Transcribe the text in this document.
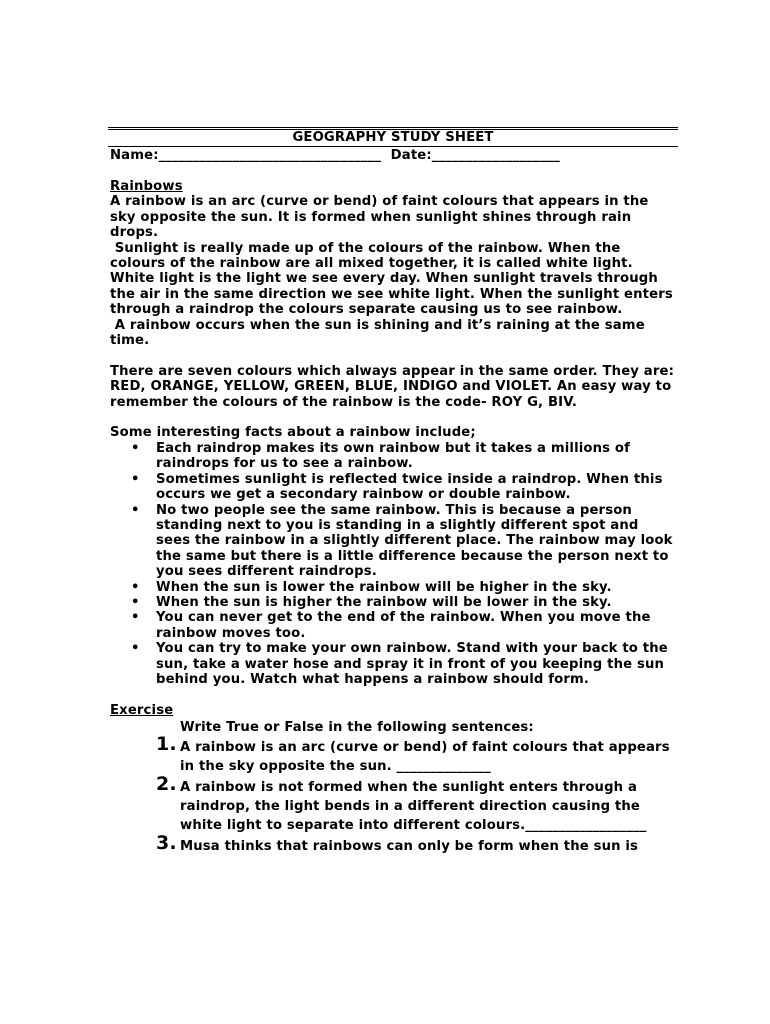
GEOGRAPHY STUDY SHEET
Name:_________________________________  Date:___________________
Rainbows

A rainbow is an arc (curve or bend) of faint colours that appears in the sky opposite the sun. It is formed when sunlight shines through rain drops.

Sunlight is really made up of the colours of the rainbow. When the colours of the rainbow are all mixed together, it is called white light. White light is the light we see every day. When sunlight travels through the air in the same direction we see white light. When the sunlight enters through a raindrop the colours separate causing us to see rainbow.

A rainbow occurs when the sun is shining and it’s raining at the same time.

There are seven colours which always appear in the same order. They are: RED, ORANGE, YELLOW, GREEN, BLUE, INDIGO and VIOLET. An easy way to remember the colours of the rainbow is the code- ROY G, BIV.

Some interesting facts about a rainbow include;

• Each raindrop makes its own rainbow but it takes a millions of raindrops for us to see a rainbow.
• Sometimes sunlight is reflected twice inside a raindrop. When this occurs we get a secondary rainbow or double rainbow.
• No two people see the same rainbow. This is because a person standing next to you is standing in a slightly different spot and sees the rainbow in a slightly different place. The rainbow may look the same but there is a little difference because the person next to you sees different raindrops.
• When the sun is lower the rainbow will be higher in the sky.
• When the sun is higher the rainbow will be lower in the sky.
• You can never get to the end of the rainbow. When you move the rainbow moves too.
• You can try to make your own rainbow. Stand with your back to the sun, take a water hose and spray it in front of you keeping the sun behind you. Watch what happens a rainbow should form.
Exercise
Write True or False in the following sentences:
1. A rainbow is an arc (curve or bend) of faint colours that appears in the sky opposite the sun. ______________
2. A rainbow is not formed when the sunlight enters through a raindrop, the light bends in a different direction causing the white light to separate into different colours.__________________
3. Musa thinks that rainbows can only be form when the sun is
